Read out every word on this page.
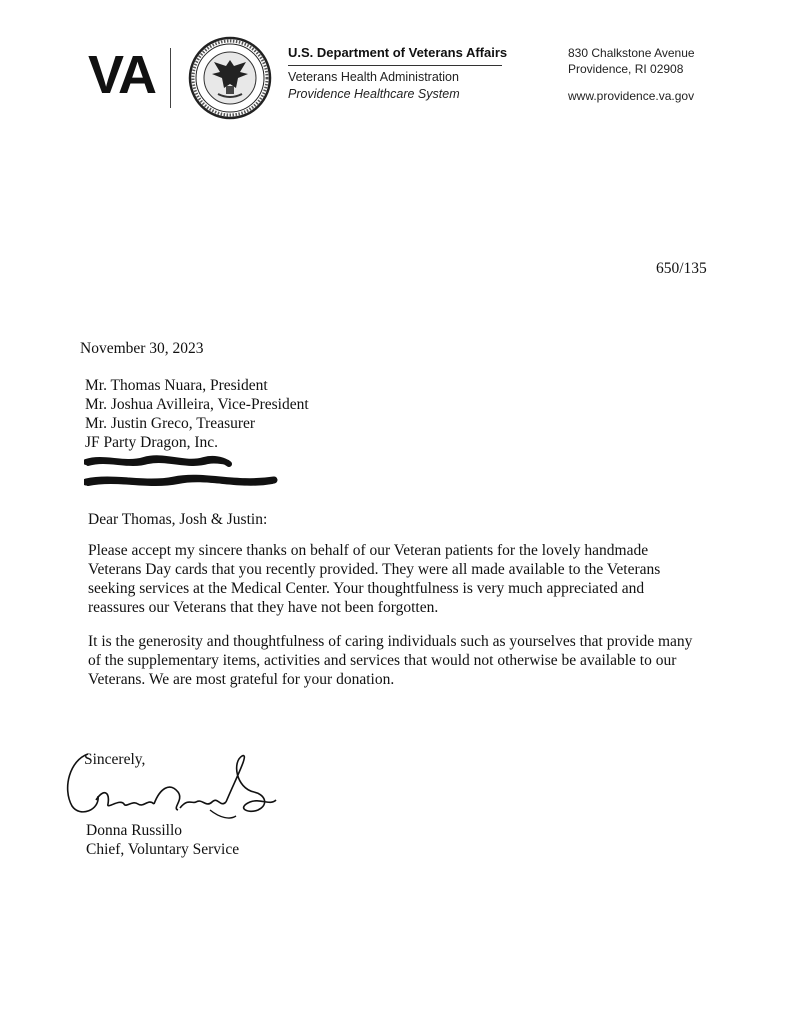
VA	U.S. Department of Veterans Affairs
Veterans Health Administration
Providence Healthcare System
830 Chalkstone Avenue
Providence, RI 02908
www.providence.va.gov
650/135
November 30, 2023
Mr. Thomas Nuara, President
Mr. Joshua Avilleira, Vice-President
Mr. Justin Greco, Treasurer
JF Party Dragon, Inc.
Dear Thomas, Josh & Justin:
Please accept my sincere thanks on behalf of our Veteran patients for the lovely handmade
Veterans Day cards that you recently provided. They were all made available to the Veterans
seeking services at the Medical Center. Your thoughtfulness is very much appreciated and
reassures our Veterans that they have not been forgotten.
It is the generosity and thoughtfulness of caring individuals such as yourselves that provide many
of the supplementary items, activities and services that would not otherwise be available to our
Veterans. We are most grateful for your donation.
Sincerely,
Donna Russillo
Chief, Voluntary Service
